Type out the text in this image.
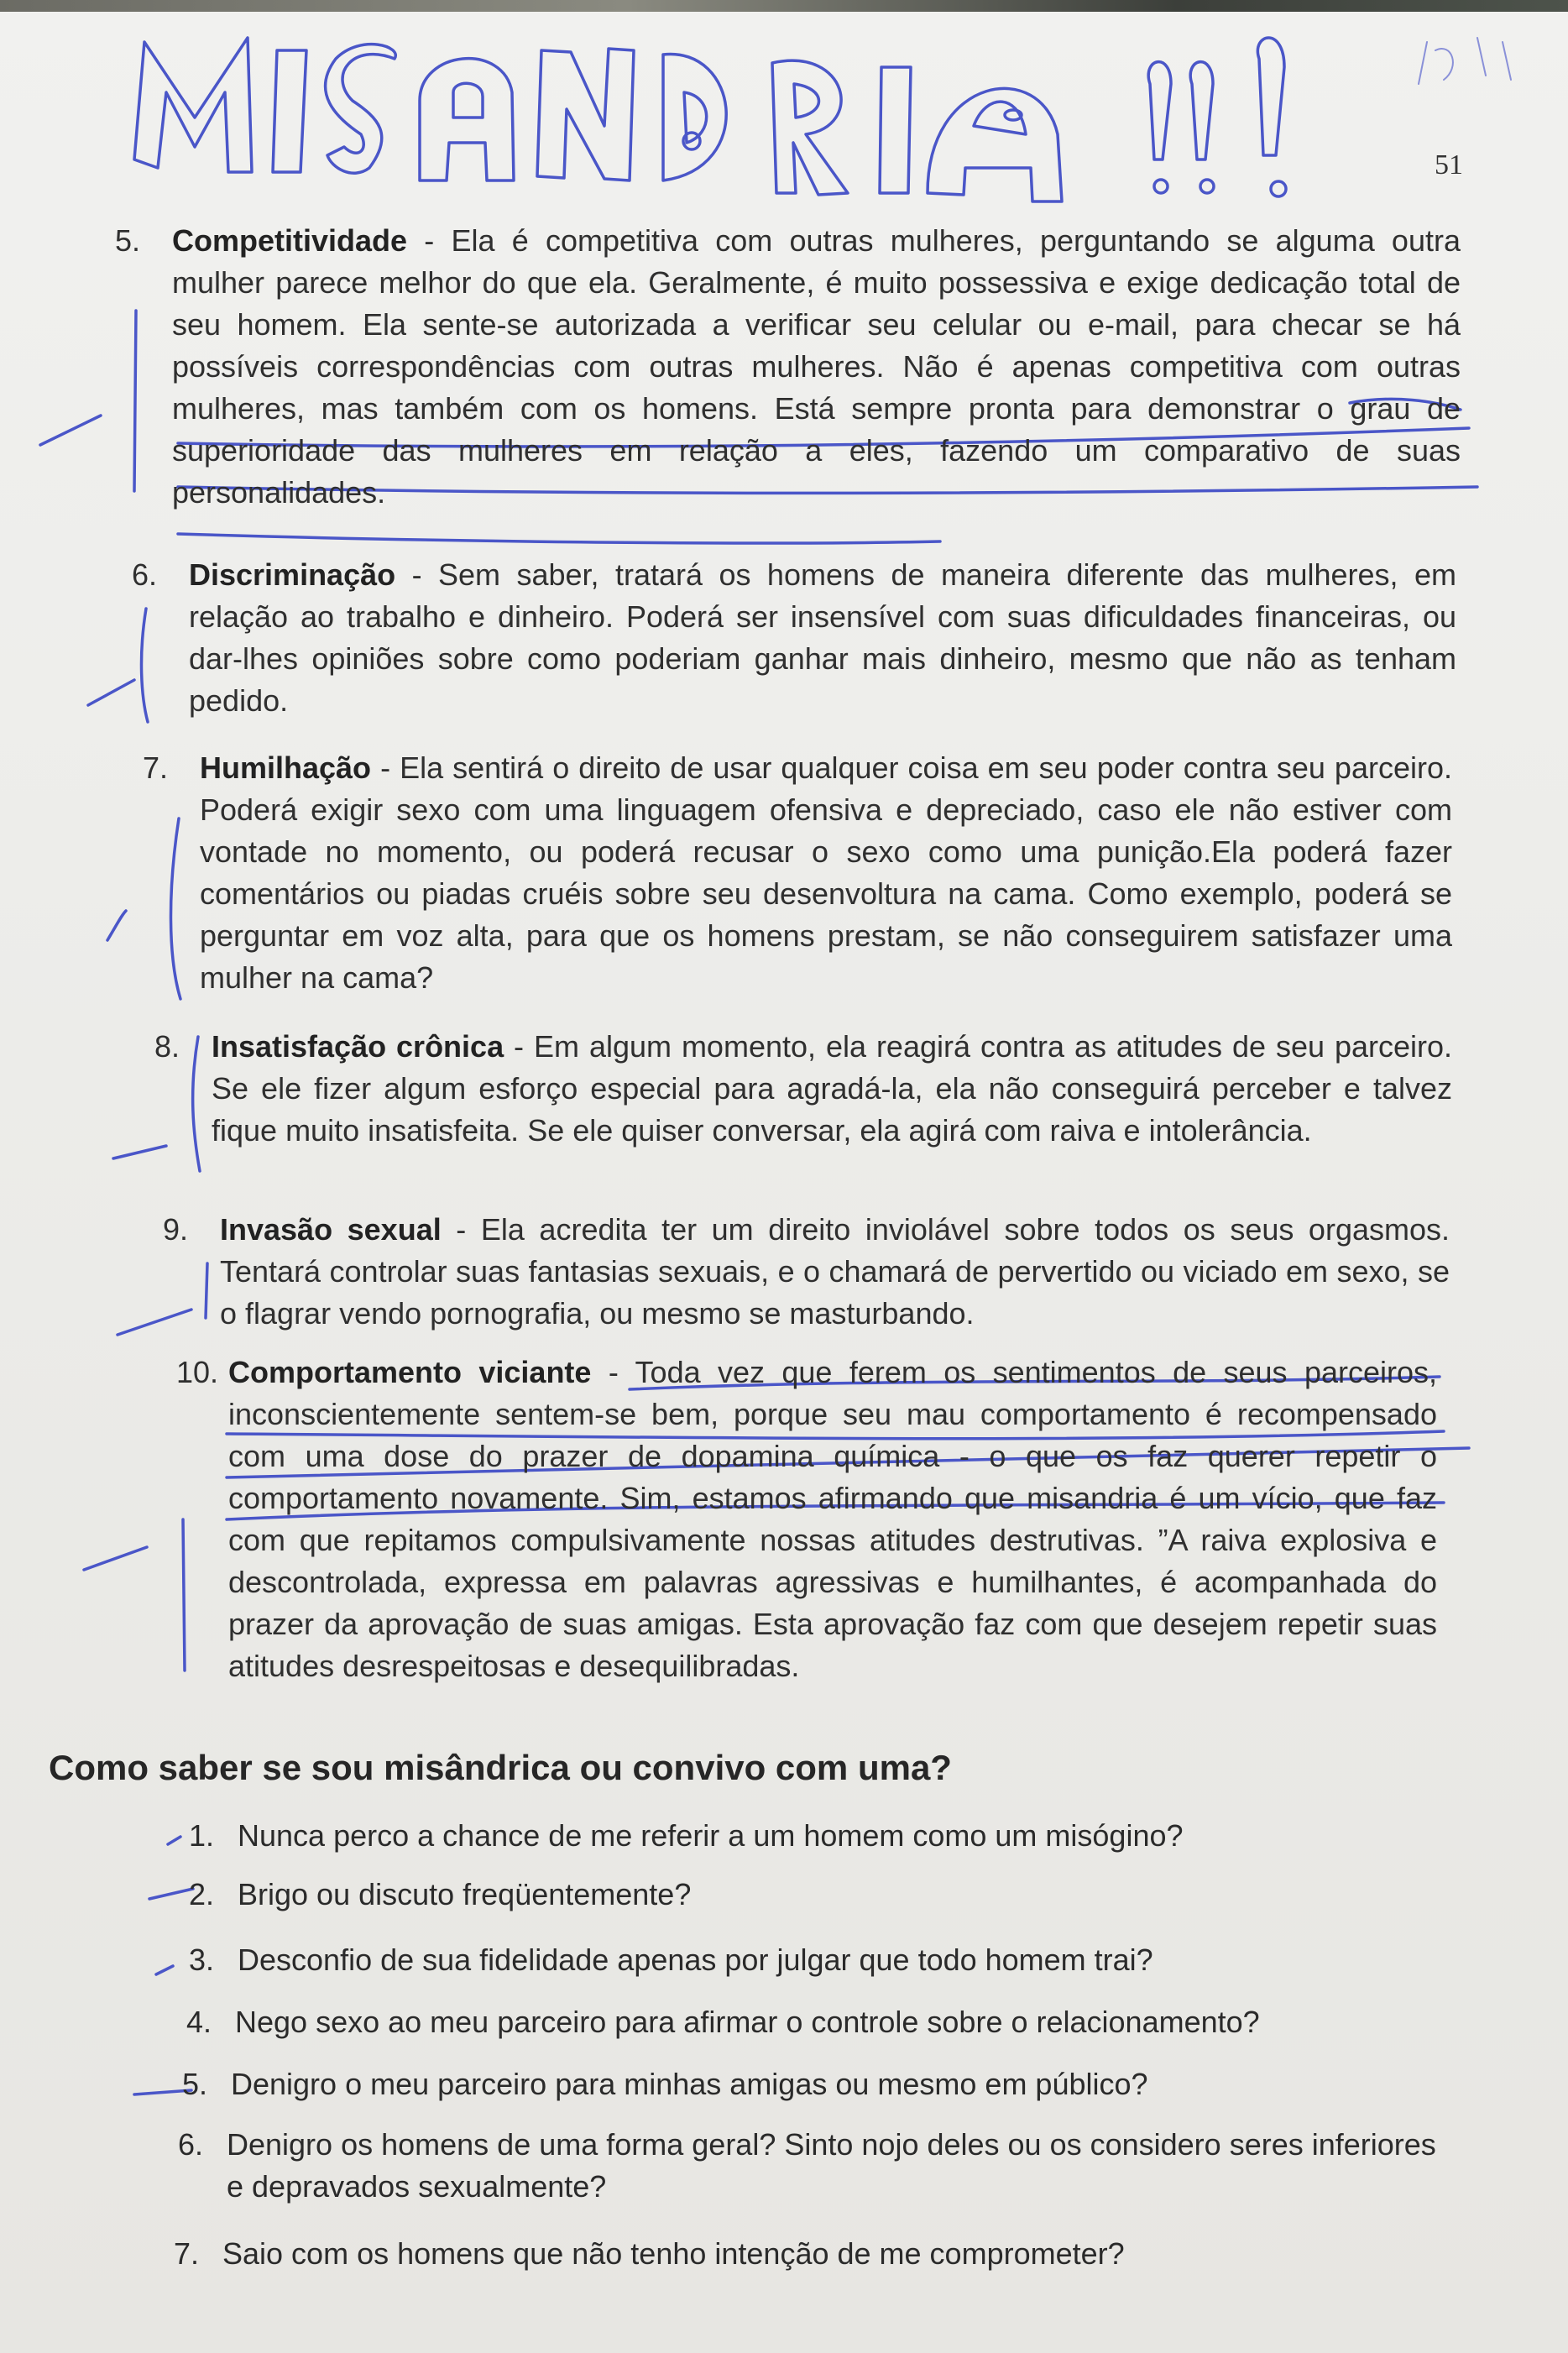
51
5. Competitividade - Ela é competitiva com outras mulheres, perguntando se alguma outra mulher parece melhor do que ela. Geralmente, é muito possessiva e exige dedicação total de seu homem. Ela sente-se autorizada a verificar seu celular ou e-mail, para checar se há possíveis correspondências com outras mulheres. Não é apenas competitiva com outras mulheres, mas também com os homens. Está sempre pronta para demonstrar o grau de superioridade das mulheres em relação a eles, fazendo um comparativo de suas personalidades.
6. Discriminação - Sem saber, tratará os homens de maneira diferente das mulheres, em relação ao trabalho e dinheiro. Poderá ser insensível com suas dificuldades financeiras, ou dar-lhes opiniões sobre como poderiam ganhar mais dinheiro, mesmo que não as tenham pedido.
7. Humilhação - Ela sentirá o direito de usar qualquer coisa em seu poder contra seu parceiro. Poderá exigir sexo com uma linguagem ofensiva e depreciado, caso ele não estiver com vontade no momento, ou poderá recusar o sexo como uma punição.Ela poderá fazer comentários ou piadas cruéis sobre seu desenvoltura na cama. Como exemplo, poderá se perguntar em voz alta, para que os homens prestam, se não conseguirem satisfazer uma mulher na cama?
8. Insatisfação crônica - Em algum momento, ela reagirá contra as atitudes de seu parceiro. Se ele fizer algum esforço especial para agradá-la, ela não conseguirá perceber e talvez fique muito insatisfeita. Se ele quiser conversar, ela agirá com raiva e intolerância.
9. Invasão sexual - Ela acredita ter um direito inviolável sobre todos os seus orgasmos. Tentará controlar suas fantasias sexuais, e o chamará de pervertido ou viciado em sexo, se o flagrar vendo pornografia, ou mesmo se masturbando.
10. Comportamento viciante - Toda vez que ferem os sentimentos de seus parceiros, inconscientemente sentem-se bem, porque seu mau comportamento é recompensado com uma dose do prazer de dopamina química - o que os faz querer repetir o comportamento novamente. Sim, estamos afirmando que misandria é um vício, que faz com que repitamos compulsivamente nossas atitudes destrutivas. ”A raiva explosiva e descontrolada, expressa em palavras agressivas e humilhantes, é acompanhada do prazer da aprovação de suas amigas. Esta aprovação faz com que desejem repetir suas atitudes desrespeitosas e desequilibradas.
Como saber se sou misândrica ou convivo com uma?
1. Nunca perco a chance de me referir a um homem como um misógino?
2. Brigo ou discuto freqüentemente?
3. Desconfio de sua fidelidade apenas por julgar que todo homem trai?
4. Nego sexo ao meu parceiro para afirmar o controle sobre o relacionamento?
5. Denigro o meu parceiro para minhas amigas ou mesmo em público?
6. Denigro os homens de uma forma geral? Sinto nojo deles ou os considero seres inferiores e depravados sexualmente?
7. Saio com os homens que não tenho intenção de me comprometer?
